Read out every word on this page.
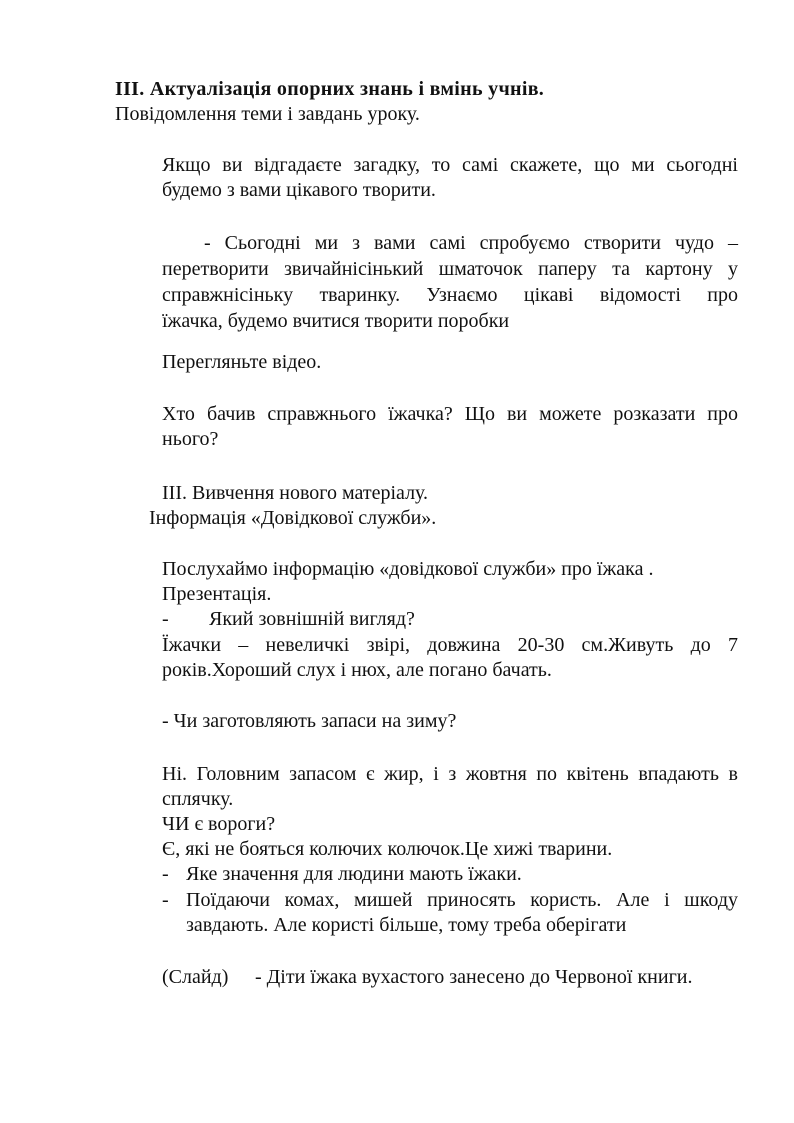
III. Актуалізація опорних знань і вмінь учнів.

Повідомлення теми і завдань уроку.

Якщо ви відгадаєте загадку, то самі скажете, що ми сьогодні

будемо з вами цікавого творити.

- Сьогодні ми з вами самі спробуємо створити чудо –

перетворити звичайнісінький шматочок паперу та картону у

справжнісіньку тваринку. Узнаємо цікаві відомості про

їжачка, будемо вчитися творити поробки

Перегляньте відео.

Хто бачив справжнього їжачка? Що ви можете розказати про

нього?

ІІІ. Вивчення нового матеріалу.

Інформація «Довідкової служби».

Послухаймо інформацію «довідкової служби» про їжака .

Презентація.

- Який зовнішній вигляд?

Їжачки – невеличкі звірі, довжина 20-30 см.Живуть до 7

років.Хороший слух і нюх, але погано бачать.

- Чи заготовляють запаси на зиму?

Ні. Головним запасом є жир, і з жовтня по квітень впадають в

сплячку.

ЧИ є вороги?

Є, які не бояться колючих колючок.Це хижі тварини.

- Яке значення для людини мають їжаки.

- Поїдаючи комах, мишей приносять користь. Але і шкоду

завдають. Але користі більше, тому треба оберігати

(Слайд) - Діти їжака вухастого занесено до Червоної книги.
